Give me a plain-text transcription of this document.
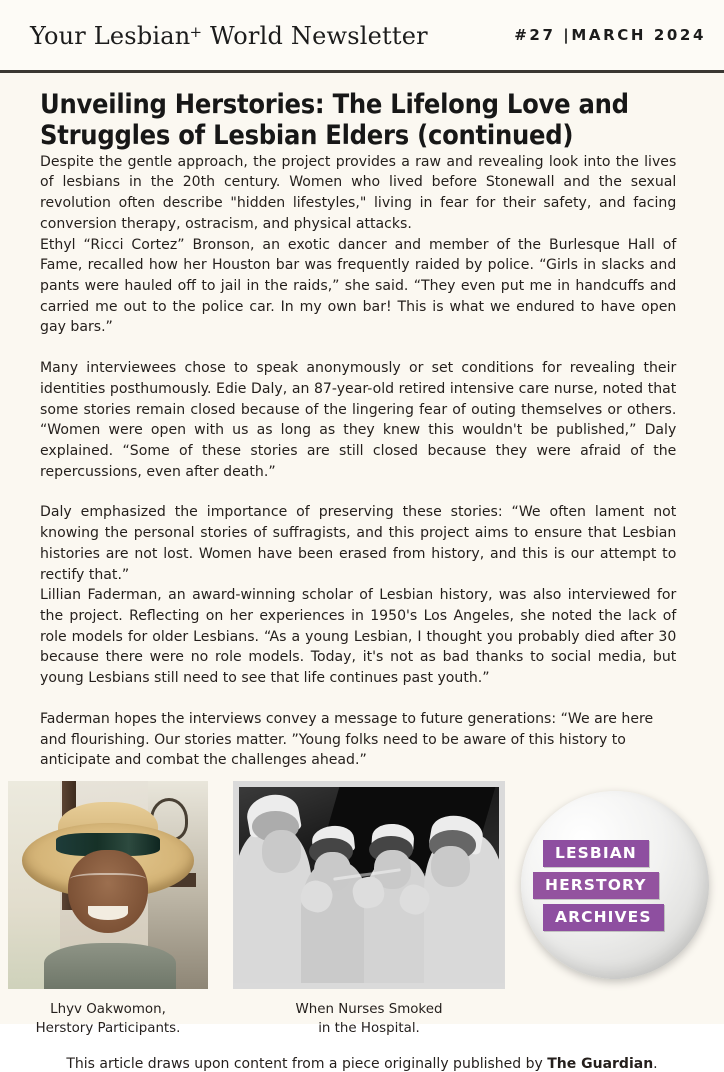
Your Lesbian+ World Newsletter	#27 |MARCH 2024
Unveiling Herstories: The Lifelong Love and Struggles of Lesbian Elders (continued)

Despite the gentle approach, the project provides a raw and revealing look into the lives of lesbians in the 20th century. Women who lived before Stonewall and the sexual revolution often describe "hidden lifestyles," living in fear for their safety, and facing conversion therapy, ostracism, and physical attacks.

Ethyl “Ricci Cortez” Bronson, an exotic dancer and member of the Burlesque Hall of Fame, recalled how her Houston bar was frequently raided by police. “Girls in slacks and pants were hauled off to jail in the raids,” she said. “They even put me in handcuffs and carried me out to the police car. In my own bar! This is what we endured to have open gay bars.”

Many interviewees chose to speak anonymously or set conditions for revealing their identities posthumously. Edie Daly, an 87-year-old retired intensive care nurse, noted that some stories remain closed because of the lingering fear of outing themselves or others. “Women were open with us as long as they knew this wouldn't be published,” Daly explained. “Some of these stories are still closed because they were afraid of the repercussions, even after death.”

Daly emphasized the importance of preserving these stories: “We often lament not knowing the personal stories of suffragists, and this project aims to ensure that Lesbian histories are not lost. Women have been erased from history, and this is our attempt to rectify that.”

Lillian Faderman, an award-winning scholar of Lesbian history, was also interviewed for the project. Reflecting on her experiences in 1950's Los Angeles, she noted the lack of role models for older Lesbians. “As a young Lesbian, I thought you probably died after 30 because there were no role models. Today, it's not as bad thanks to social media, but young Lesbians still need to see that life continues past youth.”

Faderman hopes the interviews convey a message to future generations: “We are here and flourishing. Our stories matter. ”Young folks need to be aware of this history to anticipate and combat the challenges ahead.”

LESBIAN
HERSTORY
ARCHIVES
Lhyv Oakwomon,
Herstory Participants.
When Nurses Smoked
in the Hospital.
This article draws upon content from a piece originally published by The Guardian.
